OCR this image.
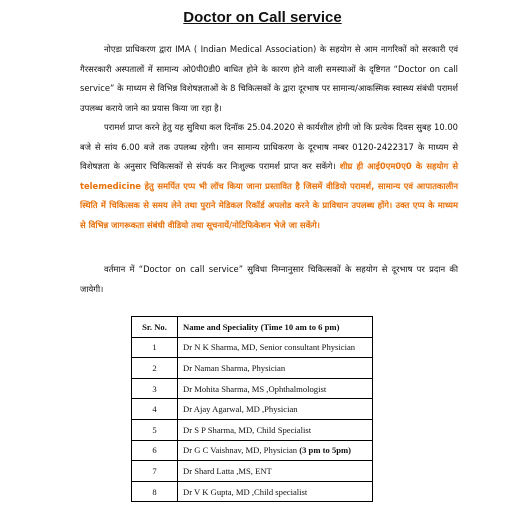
Doctor on Call service
नोएडा प्राधिकरण द्वारा IMA ( Indian Medical Association) के सहयोग से आम नागरिकों को सरकारी एवं गैरसरकारी अस्पतालों में सामान्य ओ0पी0डी0 बाधित होने के कारण होने वाली समस्याओं के दृष्टिगत “Doctor on call service” के माध्यम से विभिन्न विशेषज्ञताओं के 8 चिकित्सकों के द्वारा दूरभाष पर सामान्य/आकस्मिक स्वास्थ्य संबंधी परामर्श उपलब्ध कराये जाने का प्रयास किया जा रहा है।
परामर्श प्राप्त करने हेतु यह सुविधा कल दिनॉक 25.04.2020 से कार्यशील होगी जो कि प्रत्येक दिवस सुबह 10.00 बजे से सांय 6.00 बजे तक उपलब्ध रहेगी। जन सामान्य प्राधिकरण के दूरभाष नम्बर 0120-2422317 के माध्यम से विशेषज्ञता के अनुसार चिकित्सकों से संपर्क कर निःशुल्क परामर्श प्राप्त कर सकेंगे। शीघ्र ही आई0एम0ए0 के सहयोग से telemedicine हेतु समर्पित एप्प भी लॉच किया जाना प्रस्तावित है जिसमें वीडियो परामर्श, सामान्य एवं आपातकालीन स्थिति में चिकित्सक से समय लेने तथा पुराने मेडिकल रिकॉर्ड अपलोड करने के प्राविधान उपलब्ध होंगे। उक्त एप्प के माध्यम से विभिन्न जागरूकता संबंधी वीडियो तथा सूचनायें/नोटिफिकेशन भेजे जा सकेंगे।
वर्तमान में “Doctor on call service” सुविधा निम्नानुसार चिकित्सकों के सहयोग से दूरभाष पर प्रदान की जायेगी।
Sr. No.	Name and Speciality (Time 10 am to 6 pm)
1	Dr N K Sharma, MD, Senior consultant Physician
2	Dr Naman Sharma, Physician
3	Dr Mohita Sharma, MS ,Ophthalmologist
4	Dr Ajay Agarwal, MD ,Physician
5	Dr S P Sharma, MD, Child Specialist
6	Dr G C Vaishnav, MD, Physician (3 pm to 5pm)
7	Dr Shard Latta ,MS, ENT
8	Dr V K Gupta, MD ,Child specialist
